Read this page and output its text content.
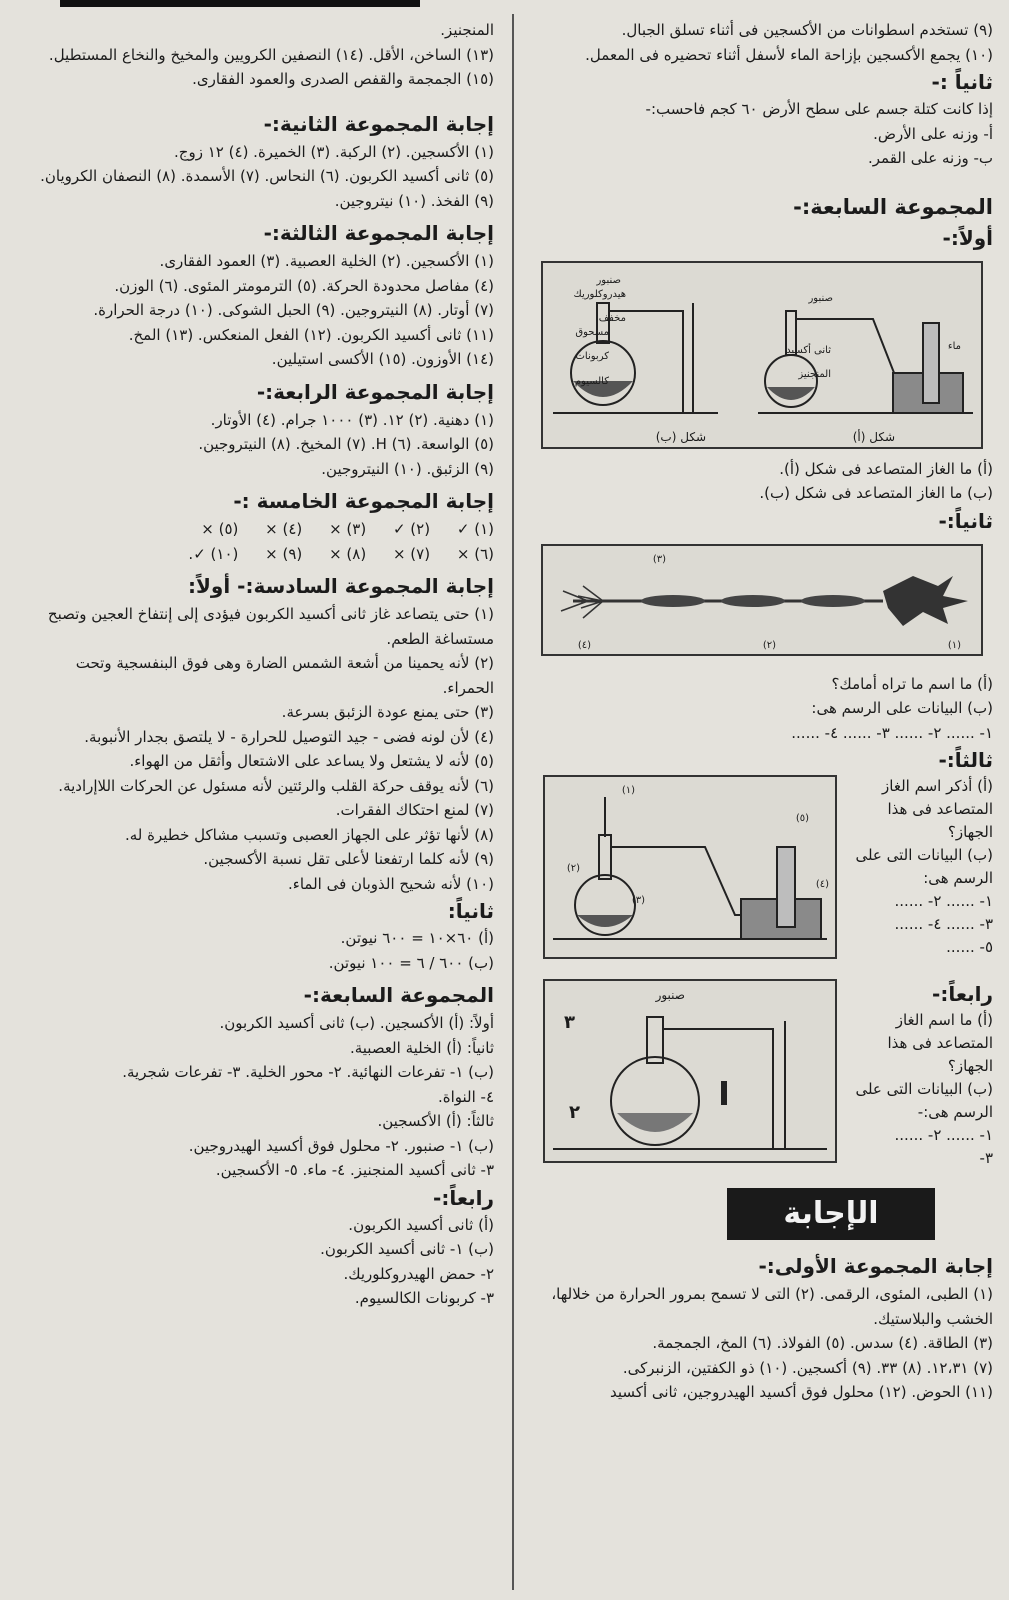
(٩) تستخدم اسطوانات من الأكسجين فى أثناء تسلق الجبال.

(١٠) يجمع الأكسجين بإزاحة الماء لأسفل أثناء تحضيره فى المعمل.

ثانياً :-

إذا كانت كتلة جسم على سطح الأرض ٦٠ كجم فاحسب:-

أ- وزنه على الأرض.

ب- وزنه على القمر.

المجموعة السابعة:-
أولاً:-
صنبور
هيدروكلوريك مخفف
مسحوق كربونات كالسيوم
صنبور
ثانى أكسيد المنجنيز
ماء
شكل (ب)	شكل (أ)

(أ) ما الغاز المتصاعد فى شكل (أ).

(ب) ما الغاز المتصاعد فى شكل (ب).

ثانياً:-
(٣)
(٤)	(٢)	(١)

(أ) ما اسم ما تراه أمامك؟

(ب) البيانات على الرسم هى:

١- ...... ٢- ...... ٣- ...... ٤- ......

ثالثاً:-

(أ) أذكر اسم الغاز المتصاعد فى هذا الجهاز؟

(ب) البيانات التى على الرسم هى:

١- ...... ٢- ......

٣- ...... ٤- ......

٥- ......

(١)
(٢)
(٣)
(٤)
(٥)
رابعاً:-

(أ) ما اسم الغاز المتصاعد فى هذا الجهاز؟

(ب) البيانات التى على الرسم هى:-

١- ...... ٢- ......

٣-

صنبور
٣
٢
الإجابة
إجابة المجموعة الأولى:-

(١) الطبى، المئوى، الرقمى. (٢) التى لا تسمح بمرور الحرارة من خلالها، الخشب والبلاستيك.

(٣) الطاقة. (٤) سدس. (٥) الفولاذ. (٦) المخ، الجمجمة.

(٧) ١٢،٣١. (٨) ٣٣. (٩) أكسجين. (١٠) ذو الكفتين، الزنبركى.

(١١) الحوض. (١٢) محلول فوق أكسيد الهيدروجين، ثانى أكسيد

المنجنيز.

(١٣) الساخن، الأقل. (١٤) النصفين الكرويين والمخيخ والنخاع المستطيل.

(١٥) الجمجمة والقفص الصدرى والعمود الفقارى.

إجابة المجموعة الثانية:-

(١) الأكسجين. (٢) الركبة. (٣) الخميرة. (٤) ١٢ زوج.

(٥) ثانى أكسيد الكربون. (٦) النحاس. (٧) الأسمدة. (٨) النصفان الكرويان. (٩) الفخذ. (١٠) نيتروجين.

إجابة المجموعة الثالثة:-

(١) الأكسجين. (٢) الخلية العصبية. (٣) العمود الفقارى.

(٤) مفاصل محدودة الحركة. (٥) الترمومتر المئوى. (٦) الوزن.

(٧) أوتار. (٨) النيتروجين. (٩) الحبل الشوكى. (١٠) درجة الحرارة.

(١١) ثانى أكسيد الكربون. (١٢) الفعل المنعكس. (١٣) المخ.

(١٤) الأوزون. (١٥) الأكسى استيلين.

إجابة المجموعة الرابعة:-

(١) دهنية. (٢) ١٢. (٣) ١٠٠٠ جرام. (٤) الأوتار.

(٥) الواسعة. (٦) H. (٧) المخيخ. (٨) النيتروجين.

(٩) الزئبق. (١٠) النيتروجين.

إجابة المجموعة الخامسة :-

(١) ✓ (٢) ✓ (٣) × (٤) × (٥) ×

(٦) × (٧) × (٨) × (٩) × (١٠) ✓.

إجابة المجموعة السادسة:- أولاً:

(١) حتى يتصاعد غاز ثانى أكسيد الكربون فيؤدى إلى إنتفاخ العجين وتصبح مستساغة الطعم.

(٢) لأنه يحمينا من أشعة الشمس الضارة وهى فوق البنفسجية وتحت الحمراء.

(٣) حتى يمنع عودة الزئبق بسرعة.

(٤) لأن لونه فضى - جيد التوصيل للحرارة - لا يلتصق بجدار الأنبوبة.

(٥) لأنه لا يشتعل ولا يساعد على الاشتعال وأثقل من الهواء.

(٦) لأنه يوقف حركة القلب والرئتين لأنه مسئول عن الحركات اللاإرادية.

(٧) لمنع احتكاك الفقرات.

(٨) لأنها تؤثر على الجهاز العصبى وتسبب مشاكل خطيرة له.

(٩) لأنه كلما ارتفعنا لأعلى تقل نسبة الأكسجين.

(١٠) لأنه شحيح الذوبان فى الماء.

ثانياً:

(أ) ٦٠×١٠ = ٦٠٠ نيوتن.

(ب) ٦٠٠ / ٦ = ١٠٠ نيوتن.

المجموعة السابعة:-

أولاً: (أ) الأكسجين. (ب) ثانى أكسيد الكربون.

ثانياً: (أ) الخلية العصبية.

(ب) ١- تفرعات النهائية. ٢- محور الخلية. ٣- تفرعات شجرية.

٤- النواة.

ثالثاً: (أ) الأكسجين.

(ب) ١- صنبور. ٢- محلول فوق أكسيد الهيدروجين.

٣- ثانى أكسيد المنجنيز. ٤- ماء. ٥- الأكسجين.

رابعاً:-

(أ) ثانى أكسيد الكربون.

(ب) ١- ثانى أكسيد الكربون.

٢- حمض الهيدروكلوريك.

٣- كربونات الكالسيوم.
